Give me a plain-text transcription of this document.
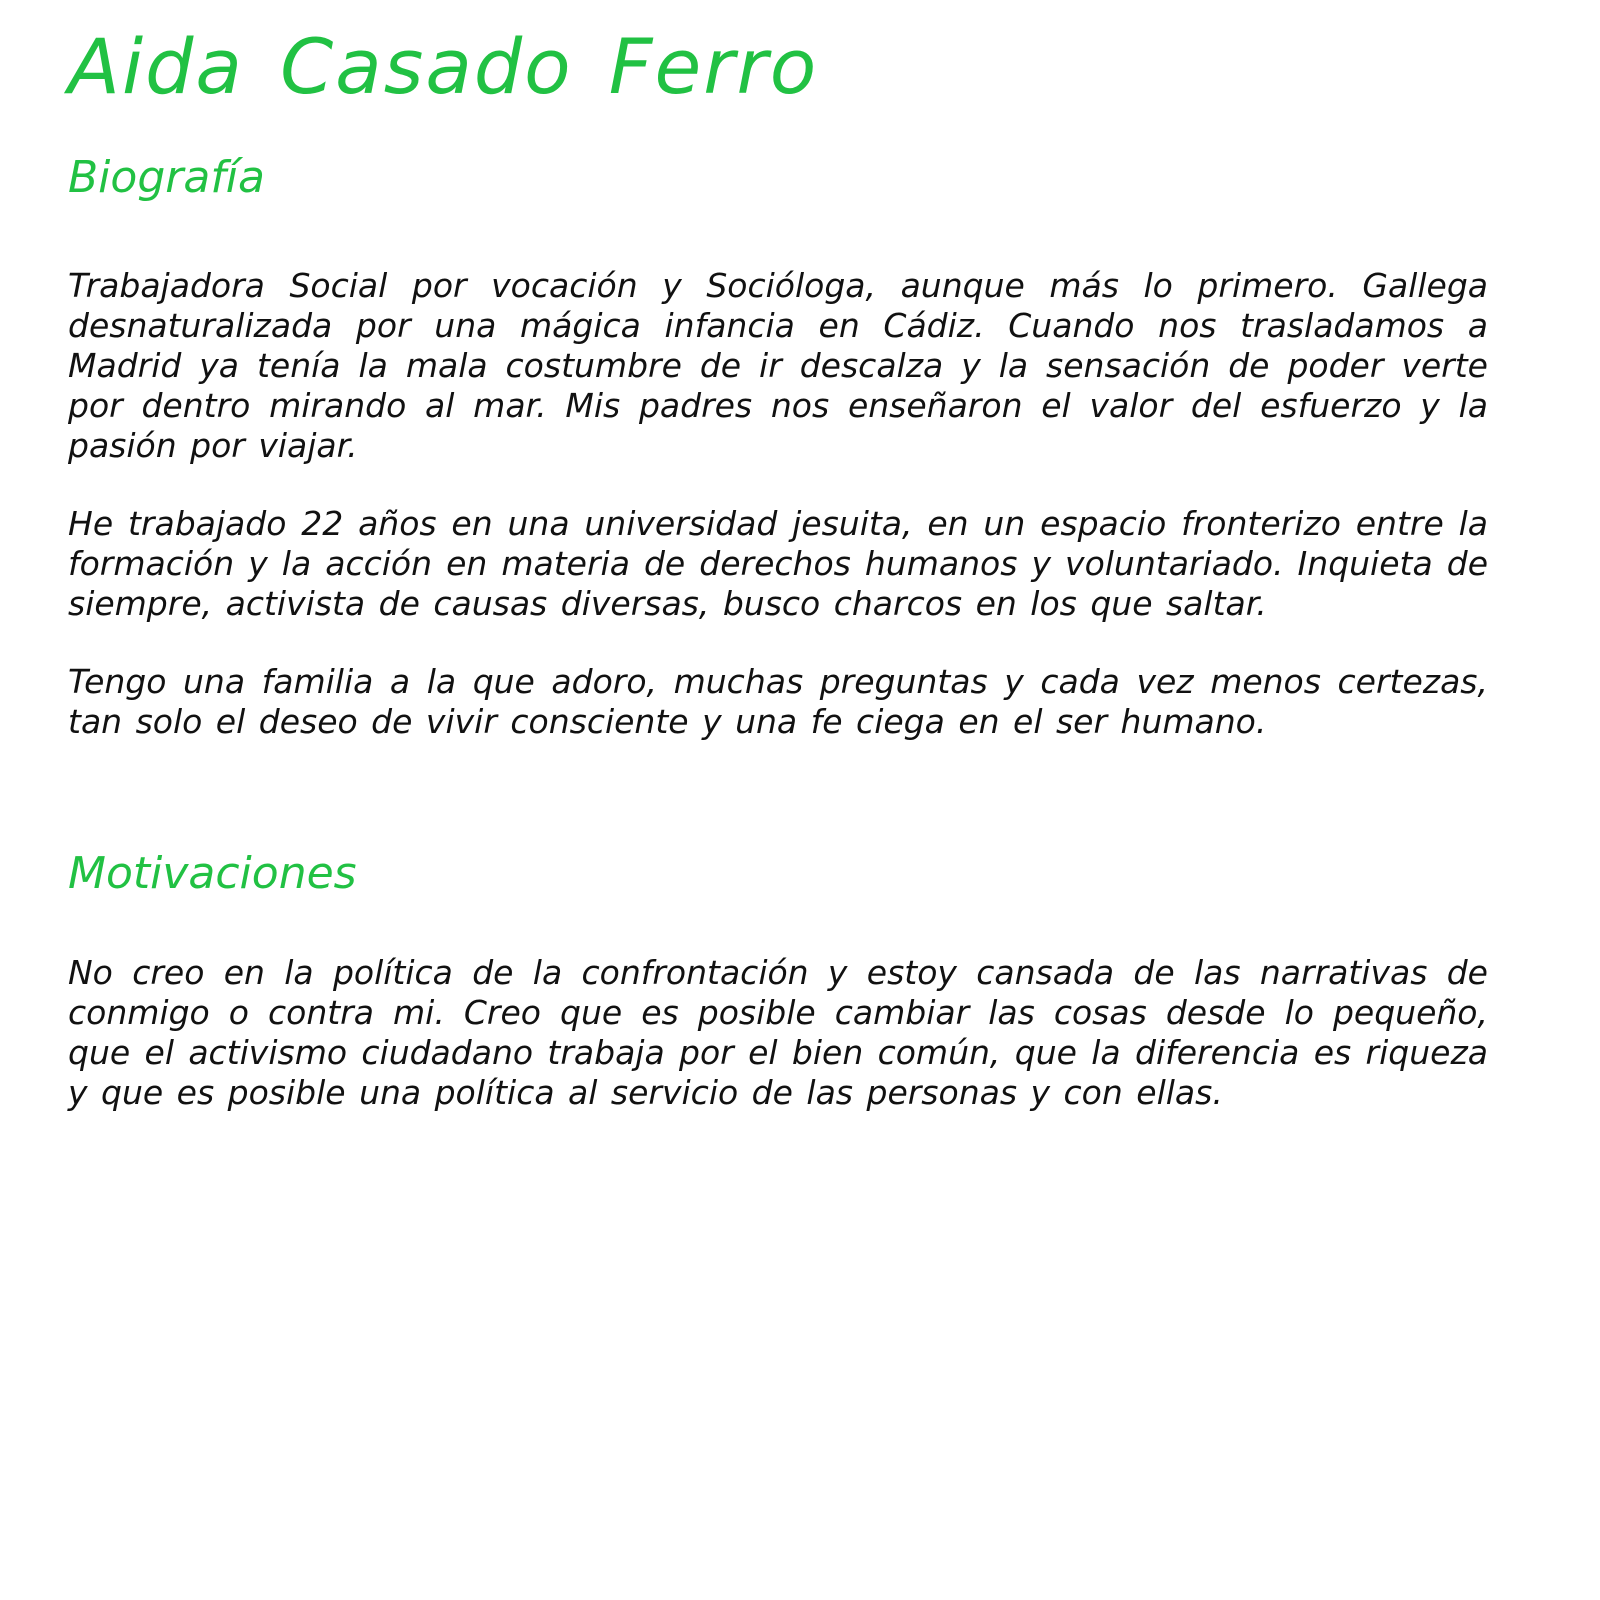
Aida Casado Ferro
Biografía

Trabajadora Social por vocación y Socióloga, aunque más lo primero. Gallega desnaturalizada por una mágica infancia en Cádiz. Cuando nos trasladamos a Madrid ya tenía la mala costumbre de ir descalza y la sensación de poder verte por dentro mirando al mar. Mis padres nos enseñaron el valor del esfuerzo y la pasión por viajar.

He trabajado 22 años en una universidad jesuita, en un espacio fronterizo entre la formación y la acción en materia de derechos humanos y voluntariado. Inquieta de siempre, activista de causas diversas, busco charcos en los que saltar.

Tengo una familia a la que adoro, muchas preguntas y cada vez menos certezas, tan solo el deseo de vivir consciente y una fe ciega en el ser humano.

Motivaciones

No creo en la política de la confrontación y estoy cansada de las narrativas de conmigo o contra mi. Creo que es posible cambiar las cosas desde lo pequeño, que el activismo ciudadano trabaja por el bien común, que la diferencia es riqueza y que es posible una política al servicio de las personas y con ellas.
